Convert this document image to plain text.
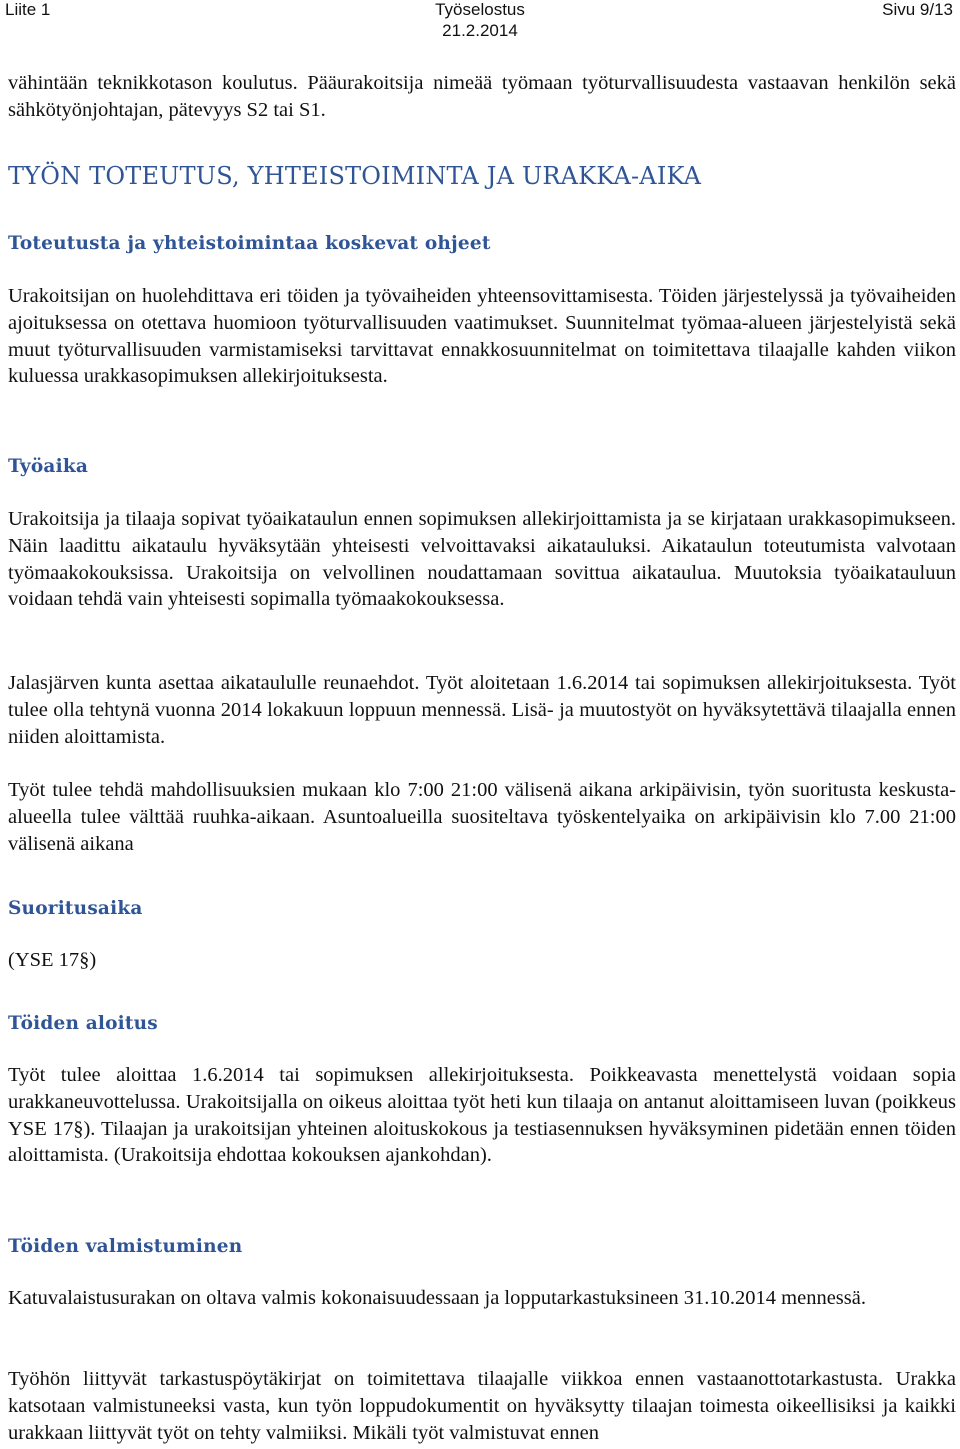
Liite 1	Työselostus
21.2.2014
Sivu 9/13

vähintään teknikkotason koulutus. Pääurakoitsija nimeää työmaan työturvallisuudesta vastaavan henkilön sekä sähkötyönjohtajan, pätevyys S2 tai S1.

TYÖN TOTEUTUS, YHTEISTOIMINTA JA URAKKA-AIKA
Toteutusta ja yhteistoimintaa koskevat ohjeet

Urakoitsijan on huolehdittava eri töiden ja työvaiheiden yhteensovittamisesta. Töiden järjestelyssä ja työvaiheiden ajoituksessa on otettava huomioon työturvallisuuden vaatimukset. Suunnitelmat työmaa-alueen järjestelyistä sekä muut työturvallisuuden varmistamiseksi tarvittavat ennakkosuunnitelmat on toimitettava tilaajalle kahden viikon kuluessa urakkasopimuksen allekirjoituksesta.

Työaika

Urakoitsija ja tilaaja sopivat työaikataulun ennen sopimuksen allekirjoittamista ja se kirjataan urakkasopimukseen. Näin laadittu aikataulu hyväksytään yhteisesti velvoittavaksi aikatauluksi. Aikataulun toteutumista valvotaan työmaakokouksissa. Urakoitsija on velvollinen noudattamaan sovittua aikataulua. Muutoksia työaikatauluun voidaan tehdä vain yhteisesti sopimalla työmaakokouksessa.

Jalasjärven kunta asettaa aikataululle reunaehdot. Työt aloitetaan 1.6.2014 tai sopimuksen allekirjoituksesta. Työt tulee olla tehtynä vuonna 2014 lokakuun loppuun mennessä. Lisä- ja muutostyöt on hyväksytettävä tilaajalla ennen niiden aloittamista.

Työt tulee tehdä mahdollisuuksien mukaan klo 7:00 21:00 välisenä aikana arkipäivisin, työn suoritusta keskusta-alueella tulee välttää ruuhka-aikaan. Asuntoalueilla suositeltava työskentelyaika on arkipäivisin klo 7.00 21:00 välisenä aikana

Suoritusaika

(YSE 17§)

Töiden aloitus

Työt tulee aloittaa 1.6.2014 tai sopimuksen allekirjoituksesta. Poikkeavasta menettelystä voidaan sopia urakkaneuvottelussa. Urakoitsijalla on oikeus aloittaa työt heti kun tilaaja on antanut aloittamiseen luvan (poikkeus YSE 17§). Tilaajan ja urakoitsijan yhteinen aloituskokous ja testiasennuksen hyväksyminen pidetään ennen töiden aloittamista. (Urakoitsija ehdottaa kokouksen ajankohdan).

Töiden valmistuminen

Katuvalaistusurakan on oltava valmis kokonaisuudessaan ja lopputarkastuksineen 31.10.2014 mennessä.

Työhön liittyvät tarkastuspöytäkirjat on toimitettava tilaajalle viikkoa ennen vastaanottotarkastusta. Urakka katsotaan valmistuneeksi vasta, kun työn loppudokumentit on hyväksytty tilaajan toimesta oikeellisiksi ja kaikki urakkaan liittyvät työt on tehty valmiiksi. Mikäli työt valmistuvat ennen
